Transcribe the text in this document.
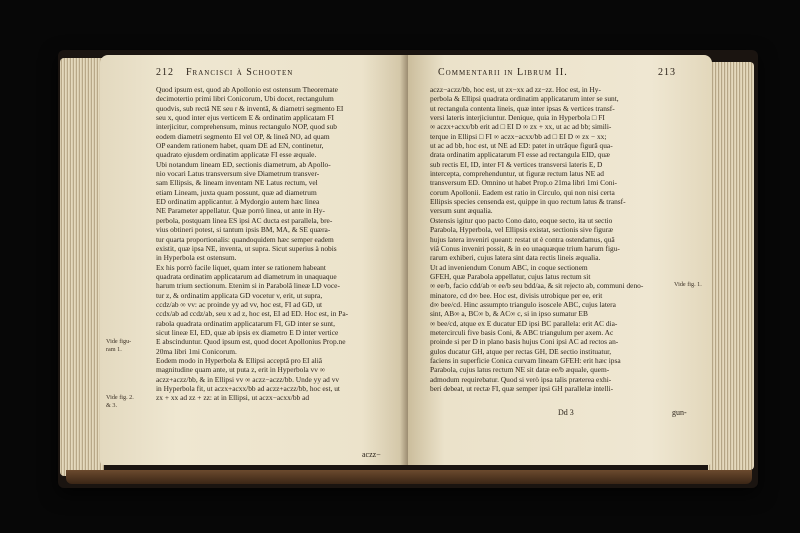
212 Francisci à Schooten
Quod ipsum est, quod ab Apollonio est ostensum Theoremate
decimotertio primi libri Conicorum, Ubi docet, rectangulum
quodvis, sub rectâ NE seu r & inventâ, & diametri segmento EI
seu x, quod inter ejus verticem E & ordinatim applicatam FI
interjicitur, comprehensum, minus rectangulo NOP, quod sub
eodem diametri segmento EI vel OP, & lineâ NO, ad quam
OP eandem rationem habet, quam DE ad EN, continetur,
quadrato ejusdem ordinatim applicatæ FI esse æquale.
Ubi notandum lineam ED, sectionis diametrum, ab Apollo-
nio vocari Latus transversum sive Diametrum transver-
sam Ellipsis, & lineam inventam NE Latus rectum, vel
etiam Lineam, juxta quam possunt, quæ ad diametrum
ED ordinatim applicantur. à Mydorgio autem hæc linea
NE Parameter appellatur. Quæ porrò linea, ut ante in Hy-
perbola, postquam linea ES ipsi AC ducta est parallela, bre-
vius obtineri potest, si tantum ipsis BM, MA, & SE quæra-
tur quarta proportionalis: quandoquidem hæc semper eadem
existit, quæ ipsa NE, inventa, ut supra. Sicut superius à nobis
in Hyperbola est ostensum.
Ex his porrò facile liquet, quam inter se rationem habeant
quadrata ordinatim applicatarum ad diametrum in unaquaque
harum trium sectionum. Etenim si in Parabolâ lineæ LD voce-
tur z, & ordinatim applicata GD vocetur v, erit, ut supra,
ccdz/ab ∞ vv: ac proinde yy ad vv, hoc est, FI ad GD, ut
ccdx/ab ad ccdz/ab, seu x ad z, hoc est, EI ad ED. Hoc est, in Pa-
rabola quadrata ordinatim applicatarum FI, GD inter se sunt,
sicut lineæ EI, ED, quæ ab ipsis ex diametro E D inter vertice
E abscinduntur. Quod ipsum est, quod docet Apollonius Prop.ne
20ma libri 1mi Conicorum.
Eodem modo in Hyperbola & Ellipsi acceptâ pro EI aliâ
magnitudine quam ante, ut puta z, erit in Hyperbola vv ∞
aczz+aczz/bb, & in Ellipsi vv ∞ aczz−aczz/bb. Unde yy ad vv
in Hyperbola fit, ut aczx+acxx/bb ad aczz+aczz/bb, hoc est, ut
zx + xx ad zz + zz: at in Ellipsi, ut aczx−acxx/bb ad
Vide figu-
ram 1.
Vide fig. 2.
& 3.
aczz−
Commentarii in Librum II.	213
aczz−aczz/bb, hoc est, ut zx−xx ad zz−zz. Hoc est, in Hy-
perbola & Ellipsi quadrata ordinatim applicatarum inter se sunt,
ut rectangula contenta lineis, quæ inter ipsas & vertices transf-
versi lateris interjiciuntur. Denique, quia in Hyperbola □ FI
∞ aczx+acxx/bb erit ad □ EI D ∞ zx + xx, ut ac ad bb; simili-
terque in Ellipsi □ FI ∞ aczx−acxx/bb ad □ EI D ∞ zx − xx;
ut ac ad bb, hoc est, ut NE ad ED: patet in utrâque figurâ qua-
drata ordinatim applicatarum FI esse ad rectangula EID, quæ
sub rectis EI, ID, inter FI & vertices transversi lateris E, D
intercepta, comprehenduntur, ut figuræ rectum latus NE ad
transversum ED. Omnino ut habet Prop.o 21ma libri 1mi Coni-
corum Apollonii. Eadem est ratio in Circulo, qui non nisi certa
Ellipsis species censenda est, quippe in quo rectum latus & transf-
versum sunt æqualia.
Ostensis igitur quo pacto Cono dato, eoque secto, ita ut sectio
Parabola, Hyperbola, vel Ellipsis existat, sectionis sive figuræ
hujus latera inveniri queant: restat ut è contra ostendamus, quâ
viâ Conus inveniri possit, & in eo unaquæque trium harum figu-
rarum exhiberi, cujus latera sint data rectis lineis æqualia.
Ut ad inveniendum Conum ABC, in coque sectionem
GFEH, quæ Parabola appellatur, cujus latus rectum sit
∞ ee/b, facio cdd/ab ∞ ee/b seu bdd/aa, & sit rejecto ab, communi deno-
minatore, cd d∞ bee. Hoc est, divisis utrobique per ee, erit
d∞ bee/cd. Hinc assumpto triangulo isoscele ABC, cujus latera
sint, AB∞ a, BC∞ b, & AC∞ c, si in ipso sumatur EB
∞ bee/cd, atque ex E ducatur ED ipsi BC parallela: erit AC dia-
metercirculi five basis Coni, & ABC triangulum per axem. Ac
proinde si per D in plano basis hujus Coni ipsi AC ad rectos an-
gulos ducatur GH, atque per rectas GH, DE sectio instituatur,
faciens in superficie Conica curvam lineam GFEH: erit hæc ipsa
Parabola, cujus latus rectum NE sit datæ ee/b æquale, quem-
admodum requirebatur. Quod si verò ipsa talis præterea exhi-
beri debeat, ut rectæ FI, quæ semper ipsi GH parallelæ intelli-
Vide fig. 1.
Dd 3	gun-
